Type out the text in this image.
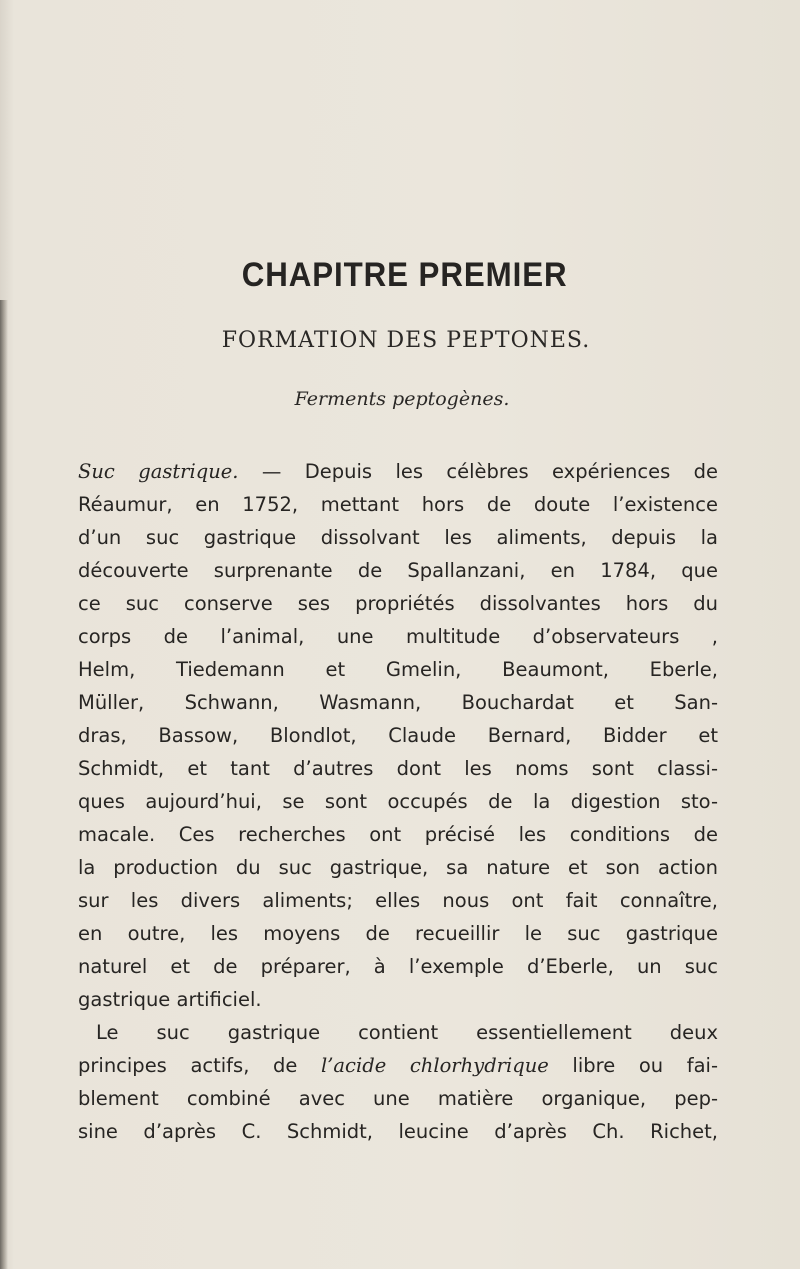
CHAPITRE PREMIER
FORMATION DES PEPTONES.
Ferments peptogènes.
Suc gastrique. — Depuis les célèbres expériences de
Réaumur, en 1752, mettant hors de doute l’existence
d’un suc gastrique dissolvant les aliments, depuis la
découverte surprenante de Spallanzani, en 1784, que
ce suc conserve ses propriétés dissolvantes hors du
corps de l’animal, une multitude d’observateurs ,
Helm, Tiedemann et Gmelin, Beaumont, Eberle,
Müller, Schwann, Wasmann, Bouchardat et San-
dras, Bassow, Blondlot, Claude Bernard, Bidder et
Schmidt, et tant d’autres dont les noms sont classi-
ques aujourd’hui, se sont occupés de la digestion sto-
macale. Ces recherches ont précisé les conditions de
la production du suc gastrique, sa nature et son action
sur les divers aliments; elles nous ont fait connaître,
en outre, les moyens de recueillir le suc gastrique
naturel et de préparer, à l’exemple d’Eberle, un suc
gastrique artificiel.
Le suc gastrique contient essentiellement deux
principes actifs, de l’acide chlorhydrique libre ou fai-
blement combiné avec une matière organique, pep-
sine d’après C. Schmidt, leucine d’après Ch. Richet,
